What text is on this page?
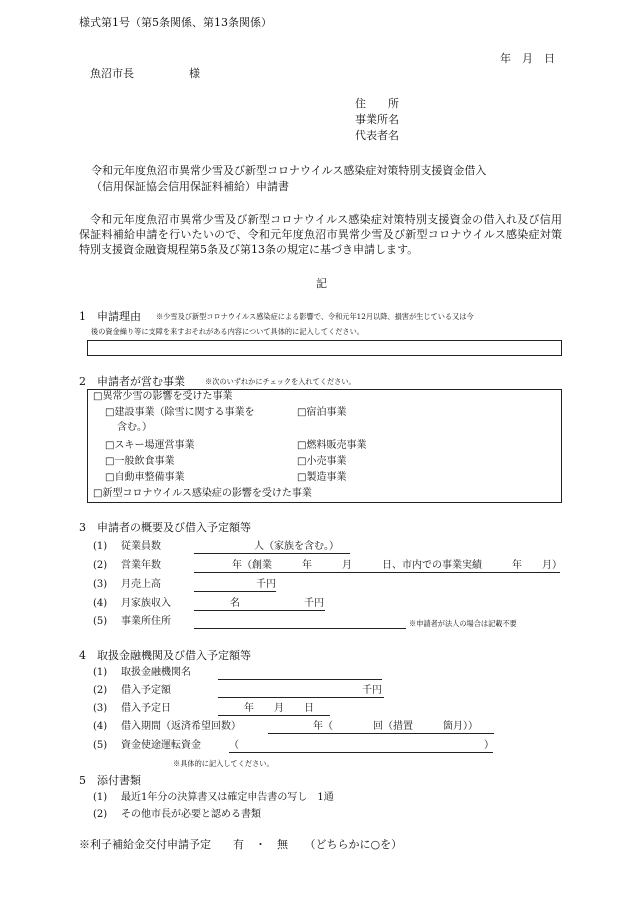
様式第1号（第5条関係、第13条関係）
年　月　日
魚沼市長　　　　　様
住　　所
事業所名
代表者名
令和元年度魚沼市異常少雪及び新型コロナウイルス感染症対策特別支援資金借入
（信用保証協会信用保証料補給）申請書
令和元年度魚沼市異常少雪及び新型コロナウイルス感染症対策特別支援資金の借入れ及び信用保証料補給申請を行いたいので、令和元年度魚沼市異常少雪及び新型コロナウイルス感染症対策特別支援資金融資規程第5条及び第13条の規定に基づき申請します。
記
1　申請理由 ※少雪及び新型コロナウイルス感染症による影響で、令和元年12月以降、損害が生じている又は今
後の資金繰り等に支障を来すおそれがある内容について具体的に記入してください。
2　申請者が営む事業	※次のいずれかにチェックを入れてください。
□異常少雪の影響を受けた事業
□建設事業（除雪に関する事業を
含む。）
□宿泊事業
□スキー場運営事業	□燃料販売事業
□一般飲食事業	□小売事業
□自動車整備事業	□製造事業
□新型コロナウイルス感染症の影響を受けた事業
3　申請者の概要及び借入予定額等
(1) 従業員数	人（家族を含む。）
(2) 営業年数	年（創業　　　年　　　月　　　日、市内での事業実績　　　年　　月）
(3) 月売上高	千円
(4) 月家族収入	名	千円
(5) 事業所住所	※申請者が法人の場合は記載不要
4　取扱金融機関及び借入予定額等
(1) 取扱金融機関名
(2) 借入予定額	千円
(3) 借入予定日	年　　月　　日
(4) 借入期間（返済希望回数）	年（　　　　回（措置　　　箇月））
(5) 資金使途運転資金	（	）
※具体的に記入してください。
5　添付書類
(1) 最近1年分の決算書又は確定申告書の写し　1通
(2) その他市長が必要と認める書類
※利子補給金交付申請予定　　有　・　無　　（どちらかに○を）
